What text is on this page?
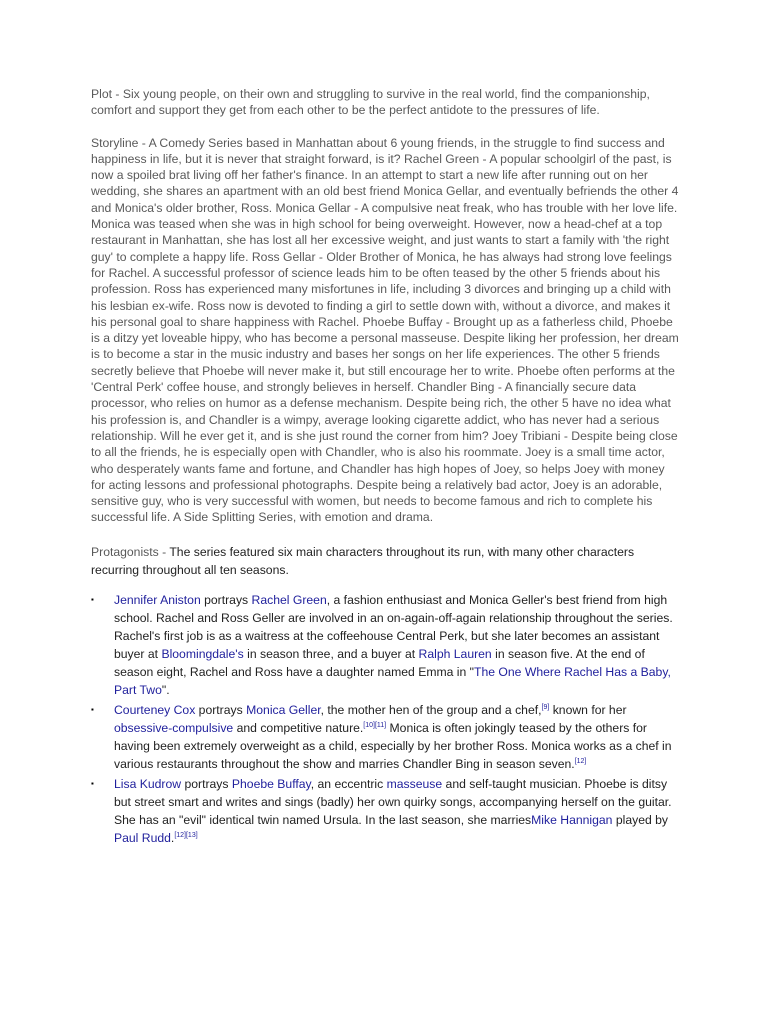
Plot - Six young people, on their own and struggling to survive in the real world, find the companionship, comfort and support they get from each other to be the perfect antidote to the pressures of life.

Storyline - A Comedy Series based in Manhattan about 6 young friends, in the struggle to find success and happiness in life, but it is never that straight forward, is it? Rachel Green - A popular schoolgirl of the past, is now a spoiled brat living off her father's finance. In an attempt to start a new life after running out on her wedding, she shares an apartment with an old best friend Monica Gellar, and eventually befriends the other 4 and Monica's older brother, Ross. Monica Gellar - A compulsive neat freak, who has trouble with her love life. Monica was teased when she was in high school for being overweight. However, now a head-chef at a top restaurant in Manhattan, she has lost all her excessive weight, and just wants to start a family with 'the right guy' to complete a happy life. Ross Gellar - Older Brother of Monica, he has always had strong love feelings for Rachel. A successful professor of science leads him to be often teased by the other 5 friends about his profession. Ross has experienced many misfortunes in life, including 3 divorces and bringing up a child with his lesbian ex-wife. Ross now is devoted to finding a girl to settle down with, without a divorce, and makes it his personal goal to share happiness with Rachel. Phoebe Buffay - Brought up as a fatherless child, Phoebe is a ditzy yet loveable hippy, who has become a personal masseuse. Despite liking her profession, her dream is to become a star in the music industry and bases her songs on her life experiences. The other 5 friends secretly believe that Phoebe will never make it, but still encourage her to write. Phoebe often performs at the 'Central Perk' coffee house, and strongly believes in herself. Chandler Bing - A financially secure data processor, who relies on humor as a defense mechanism. Despite being rich, the other 5 have no idea what his profession is, and Chandler is a wimpy, average looking cigarette addict, who has never had a serious relationship. Will he ever get it, and is she just round the corner from him? Joey Tribiani - Despite being close to all the friends, he is especially open with Chandler, who is also his roommate. Joey is a small time actor, who desperately wants fame and fortune, and Chandler has high hopes of Joey, so helps Joey with money for acting lessons and professional photographs. Despite being a relatively bad actor, Joey is an adorable, sensitive guy, who is very successful with women, but needs to become famous and rich to complete his successful life. A Side Splitting Series, with emotion and drama.

Protagonists - The series featured six main characters throughout its run, with many other characters recurring throughout all ten seasons.

▪ Jennifer Aniston portrays Rachel Green, a fashion enthusiast and Monica Geller's best friend from high school. Rachel and Ross Geller are involved in an on-again-off-again relationship throughout the series. Rachel's first job is as a waitress at the coffeehouse Central Perk, but she later becomes an assistant buyer at Bloomingdale's in season three, and a buyer at Ralph Lauren in season five. At the end of season eight, Rachel and Ross have a daughter named Emma in "The One Where Rachel Has a Baby, Part Two".
▪ Courteney Cox portrays Monica Geller, the mother hen of the group and a chef,[9] known for her obsessive-compulsive and competitive nature.[10][11] Monica is often jokingly teased by the others for having been extremely overweight as a child, especially by her brother Ross. Monica works as a chef in various restaurants throughout the show and marries Chandler Bing in season seven.[12]
▪ Lisa Kudrow portrays Phoebe Buffay, an eccentric masseuse and self-taught musician. Phoebe is ditsy but street smart and writes and sings (badly) her own quirky songs, accompanying herself on the guitar. She has an "evil" identical twin named Ursula. In the last season, she marriesMike Hannigan played by Paul Rudd.[12][13]
